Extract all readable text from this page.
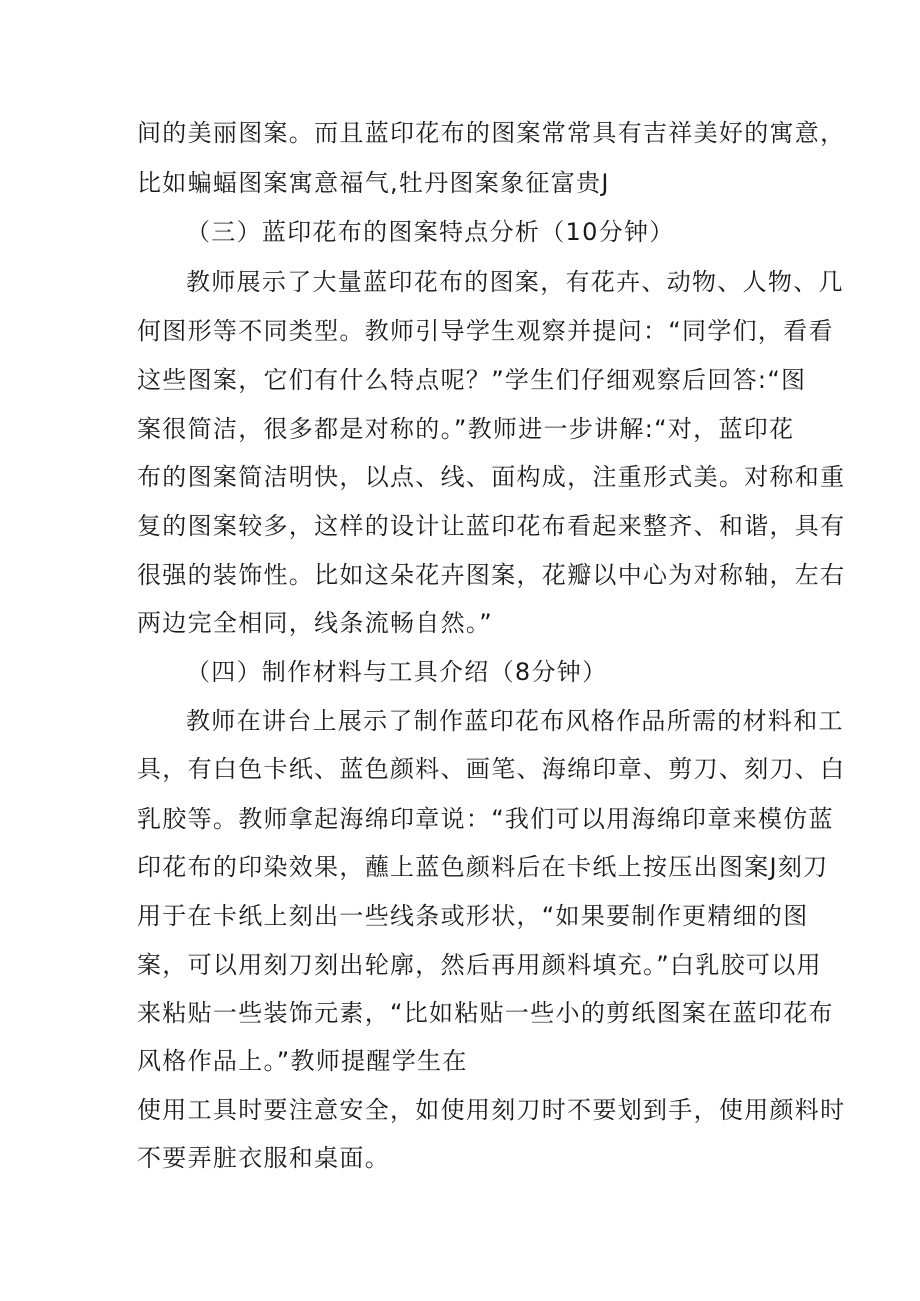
间的美丽图案。而且蓝印花布的图案常常具有吉祥美好的寓意，
比如蝙蝠图案寓意福气,牡丹图案象征富贵J
（三）蓝印花布的图案特点分析（10分钟）
教师展示了大量蓝印花布的图案，有花卉、动物、人物、几
何图形等不同类型。教师引导学生观察并提问：“同学们，看看
这些图案，它们有什么特点呢？”学生们仔细观察后回答:“图
案很简洁，很多都是对称的。”教师进一步讲解:“对，蓝印花
布的图案简洁明快，以点、线、面构成，注重形式美。对称和重
复的图案较多，这样的设计让蓝印花布看起来整齐、和谐，具有
很强的装饰性。比如这朵花卉图案，花瓣以中心为对称轴，左右
两边完全相同，线条流畅自然。”
（四）制作材料与工具介绍（8分钟）
教师在讲台上展示了制作蓝印花布风格作品所需的材料和工
具，有白色卡纸、蓝色颜料、画笔、海绵印章、剪刀、刻刀、白
乳胶等。教师拿起海绵印章说：“我们可以用海绵印章来模仿蓝
印花布的印染效果，蘸上蓝色颜料后在卡纸上按压出图案J刻刀
用于在卡纸上刻出一些线条或形状，“如果要制作更精细的图
案，可以用刻刀刻出轮廓，然后再用颜料填充。”白乳胶可以用
来粘贴一些装饰元素，“比如粘贴一些小的剪纸图案在蓝印花布
风格作品上。”教师提醒学生在
使用工具时要注意安全，如使用刻刀时不要划到手，使用颜料时
不要弄脏衣服和桌面。
